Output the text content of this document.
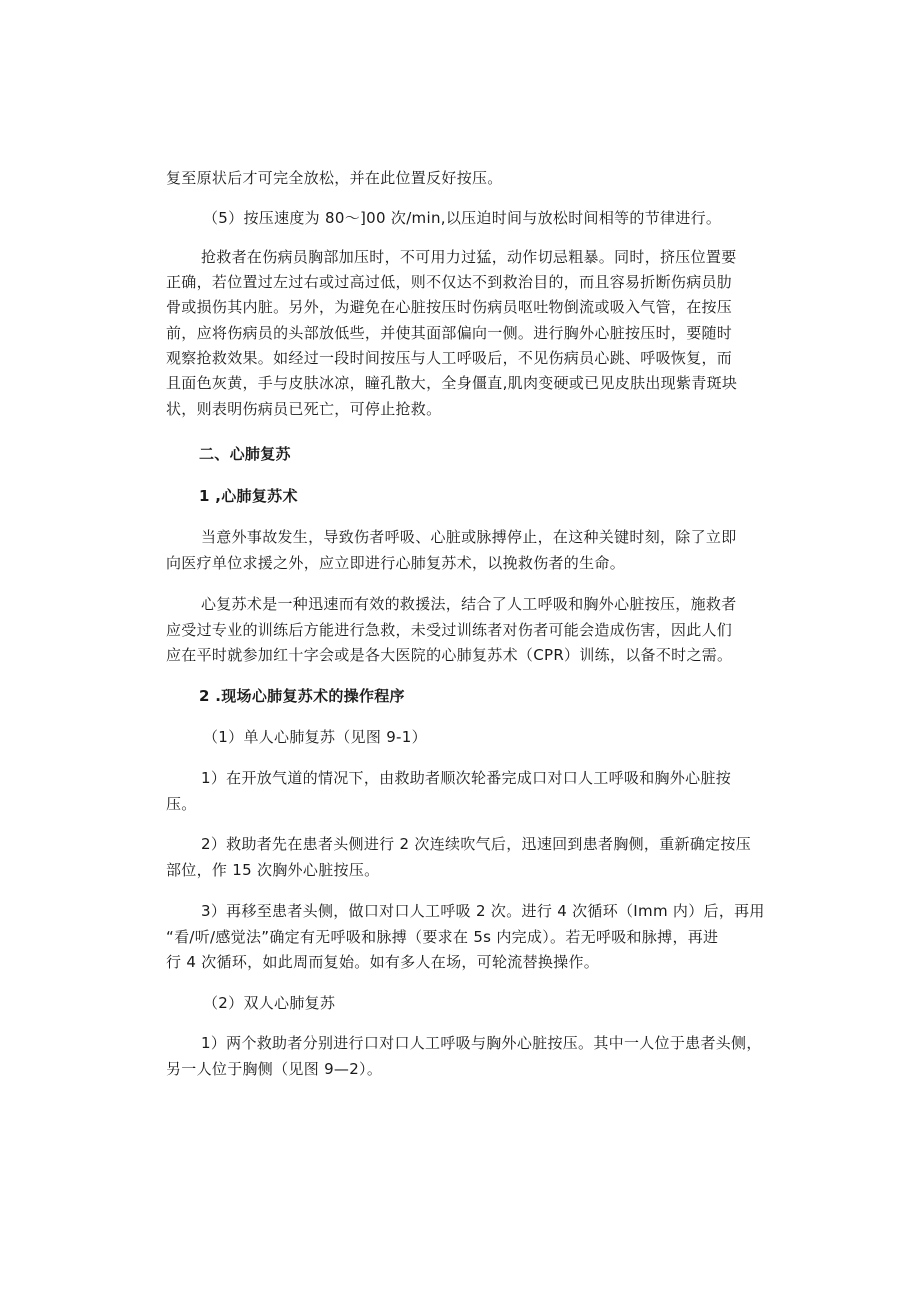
复至原状后才可完全放松，并在此位置反好按压。
（5）按压速度为 80〜]00 次/min,以压迫时间与放松时间相等的节律进行。
抢救者在伤病员胸部加压时，不可用力过猛，动作切忌粗暴。同时，挤压位置要
正确，若位置过左过右或过高过低，则不仅达不到救治目的，而且容易折断伤病员肋
骨或损伤其内脏。另外，为避免在心脏按压时伤病员呕吐物倒流或吸入气管，在按压
前，应将伤病员的头部放低些，并使其面部偏向一侧。进行胸外心脏按压时，要随时
观察抢救效果。如经过一段时间按压与人工呼吸后，不见伤病员心跳、呼吸恢复，而
且面色灰黄，手与皮肤冰凉，瞳孔散大，全身僵直,肌肉变硬或已见皮肤出现紫青斑块
状，则表明伤病员已死亡，可停止抢救。
二、心肺复苏
1 ,心肺复苏术
当意外事故发生，导致伤者呼吸、心脏或脉搏停止，在这种关键时刻，除了立即
向医疗单位求援之外，应立即进行心肺复苏术，以挽救伤者的生命。
心复苏术是一种迅速而有效的救援法，结合了人工呼吸和胸外心脏按压，施救者
应受过专业的训练后方能进行急救，未受过训练者对伤者可能会造成伤害，因此人们
应在平时就参加红十字会或是各大医院的心肺复苏术（CPR）训练，以备不时之需。
2 .现场心肺复苏术的操作程序
（1）单人心肺复苏（见图 9-1）
1）在开放气道的情况下，由救助者顺次轮番完成口对口人工呼吸和胸外心脏按
压。
2）救助者先在患者头侧进行 2 次连续吹气后，迅速回到患者胸侧，重新确定按压
部位，作 15 次胸外心脏按压。
3）再移至患者头侧，做口对口人工呼吸 2 次。进行 4 次循环（Imm 内）后，再用
“看/听/感觉法”确定有无呼吸和脉搏（要求在 5s 内完成）。若无呼吸和脉搏，再进
行 4 次循环，如此周而复始。如有多人在场，可轮流替换操作。
（2）双人心肺复苏
1）两个救助者分别进行口对口人工呼吸与胸外心脏按压。其中一人位于患者头侧，
另一人位于胸侧（见图 9—2）。
